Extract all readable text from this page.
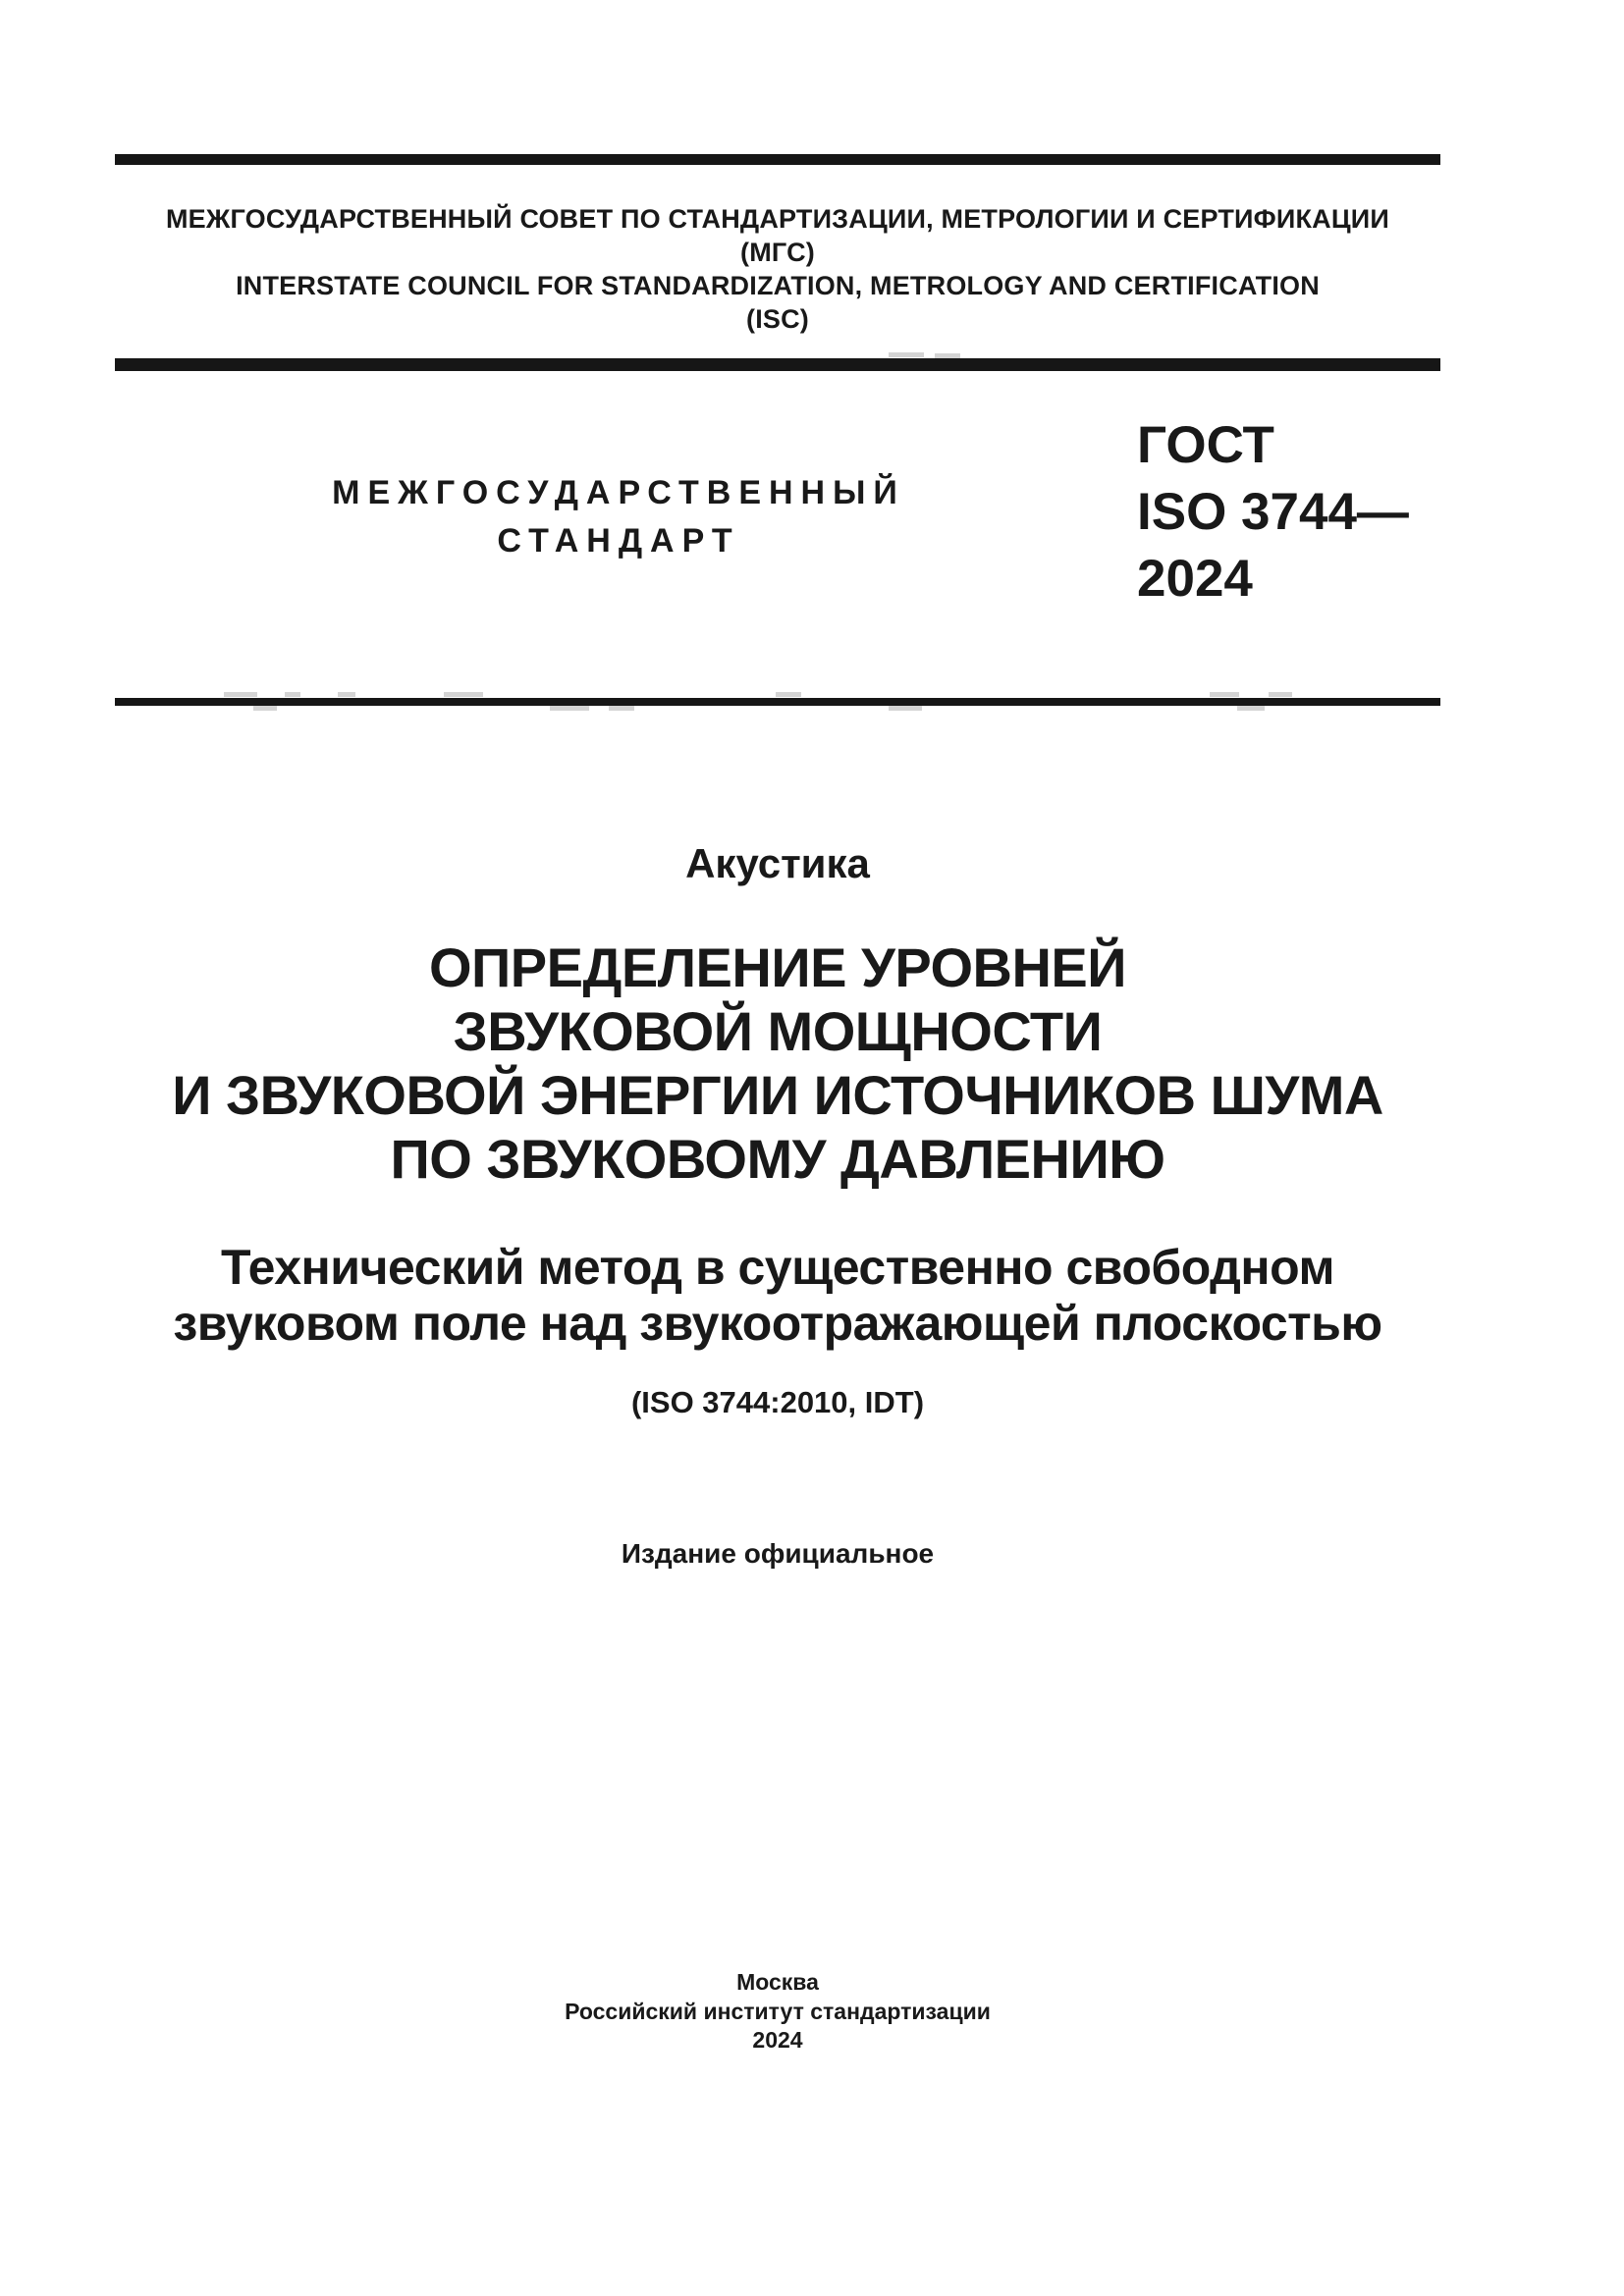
МЕЖГОСУДАРСТВЕННЫЙ СОВЕТ ПО СТАНДАРТИЗАЦИИ, МЕТРОЛОГИИ И СЕРТИФИКАЦИИ
(МГС)
INTERSTATE COUNCIL FOR STANDARDIZATION, METROLOGY AND CERTIFICATION
(ISC)
МЕЖГОСУДАРСТВЕННЫЙ
СТАНДАРТ
ГОСТ
ISO 3744—
2024
Акустика
ОПРЕДЕЛЕНИЕ УРОВНЕЙ
ЗВУКОВОЙ МОЩНОСТИ
И ЗВУКОВОЙ ЭНЕРГИИ ИСТОЧНИКОВ ШУМА
ПО ЗВУКОВОМУ ДАВЛЕНИЮ
Технический метод в существенно свободном
звуковом поле над звукоотражающей плоскостью
(ISO 3744:2010, IDT)
Издание официальное
Москва
Российский институт стандартизации
2024
